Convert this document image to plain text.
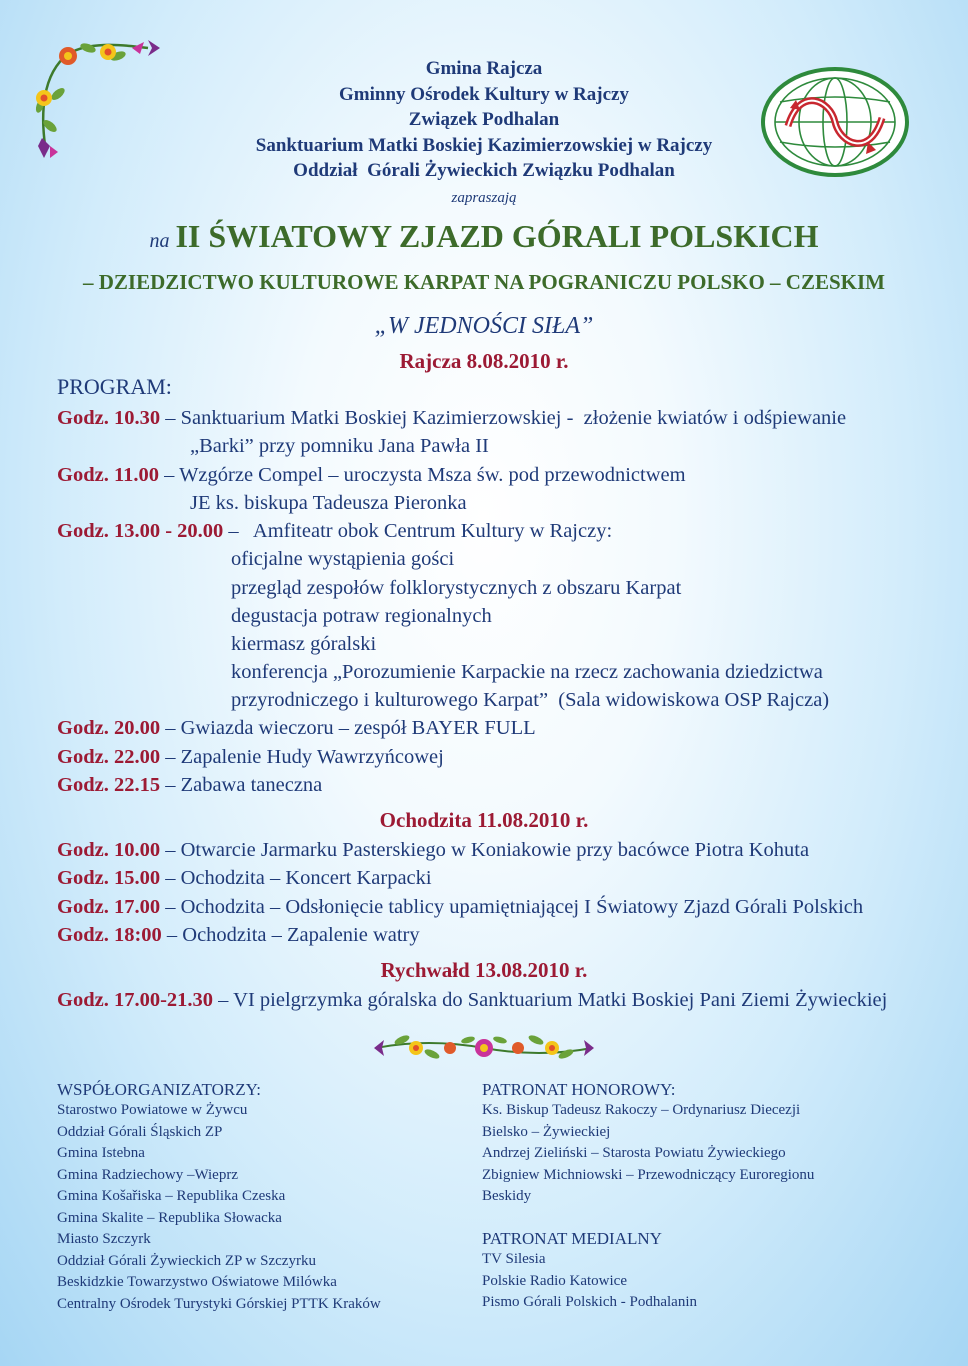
Gmina Rajcza
Gminny Ośrodek Kultury w Rajczy
Związek Podhalan
Sanktuarium Matki Boskiej Kazimierzowskiej w Rajczy
Oddział  Górali Żywieckich Związku Podhalan
zapraszają
na II ŚWIATOWY ZJAZD GÓRALI POLSKICH
– DZIEDZICTWO KULTUROWE KARPAT NA POGRANICZU POLSKO – CZESKIM
„W JEDNOŚCI SIŁA”
Rajcza 8.08.2010 r.
PROGRAM:
Godz. 10.30 – Sanktuarium Matki Boskiej Kazimierzowskiej -  złożenie kwiatów i odśpiewanie
„Barki” przy pomniku Jana Pawła II
Godz. 11.00 – Wzgórze Compel – uroczysta Msza św. pod przewodnictwem
JE ks. biskupa Tadeusza Pieronka
Godz. 13.00 - 20.00 –   Amfiteatr obok Centrum Kultury w Rajczy:
oficjalne wystąpienia gości
przegląd zespołów folklorystycznych z obszaru Karpat
degustacja potraw regionalnych
kiermasz góralski
konferencja „Porozumienie Karpackie na rzecz zachowania dziedzictwa
przyrodniczego i kulturowego Karpat”  (Sala widowiskowa OSP Rajcza)
Godz. 20.00 – Gwiazda wieczoru – zespół BAYER FULL
Godz. 22.00 – Zapalenie Hudy Wawrzyńcowej
Godz. 22.15 – Zabawa taneczna
Ochodzita 11.08.2010 r.
Godz. 10.00 – Otwarcie Jarmarku Pasterskiego w Koniakowie przy bacówce Piotra Kohuta
Godz. 15.00 – Ochodzita – Koncert Karpacki
Godz. 17.00 – Ochodzita – Odsłonięcie tablicy upamiętniającej I Światowy Zjazd Górali Polskich
Godz. 18:00 – Ochodzita – Zapalenie watry
Rychwałd 13.08.2010 r.
Godz. 17.00-21.30 – VI pielgrzymka góralska do Sanktuarium Matki Boskiej Pani Ziemi Żywieckiej
WSPÓŁORGANIZATORZY:
Starostwo Powiatowe w Żywcu
Oddział Górali Śląskich ZP
Gmina Istebna
Gmina Radziechowy –Wieprz
Gmina Košařiska – Republika Czeska
Gmina Skalite – Republika Słowacka
Miasto Szczyrk
Oddział Górali Żywieckich ZP w Szczyrku
Beskidzkie Towarzystwo Oświatowe Milówka
Centralny Ośrodek Turystyki Górskiej PTTK Kraków
PATRONAT HONOROWY:
Ks. Biskup Tadeusz Rakoczy – Ordynariusz Diecezji
Bielsko – Żywieckiej
Andrzej Zieliński – Starosta Powiatu Żywieckiego
Zbigniew Michniowski – Przewodniczący Euroregionu
Beskidy
PATRONAT MEDIALNY
TV Silesia
Polskie Radio Katowice
Pismo Górali Polskich - Podhalanin
